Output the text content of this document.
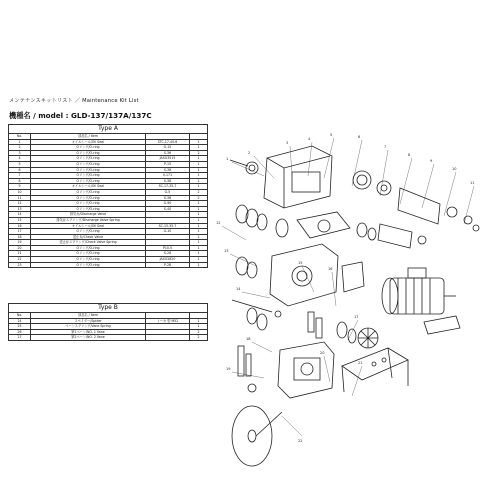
メンテナンスキットリスト ／ Maintenance Kit List
機種名 / model : GLD-137/137A/137C
Type A			
No.	部品名 / Item		
1	オイルシール/Oil Seal	STC-17-40-6	1
2	Oリング/O-ring	G-15	1
3	Oリング/O-ring	S-36	2
4	Oリング/O-ring	JASO3515	1
5	Oリング/O-ring	P-15	1
6	Oリング/O-ring	S-38	1
7	Oリング/O-ring	V-171	1
8	Oリング/O-ring	S-38	1
9	オイルシール/Oil Seal	SC-17-35-7	1
10	Oリング/O-ring	G-5	2
11	Oリング/O-ring	S-36	2
12	Oリング/O-ring	G-90	1
13	Oリング/O-ring	S-40	1
14	排気弁/Discharge Valve		1
15	排気弁スプリング/Discharge Valve Spring		1
16	オイルシール/Oil Seal	SC-15-35-7	1
17	Oリング/O-ring	G-10	1
18	逆止弁/Check Valve		1
19	逆止弁スプリング/Check Valve Spring		1
20	Oリング/O-ring	P10.5	1
21	Oリング/O-ring	S-28	1
22	Oリング/O-ring	JASO2820	1
23	Oリング/O-ring	P-28	1
Type B			
No.	部品名 / Item		
24	スペイダー/Spider	トーカ 型 M52	1
25	ベーンスプリング/Vane Spring		1
26	第1ベーン/NO. 1 Vane		2
27	第2ベーン/NO. 2 Vane		2
1
2
3
4
5	6
7
8
9
10
11
12
13
14
15
16
17
18
19
20
21
22
